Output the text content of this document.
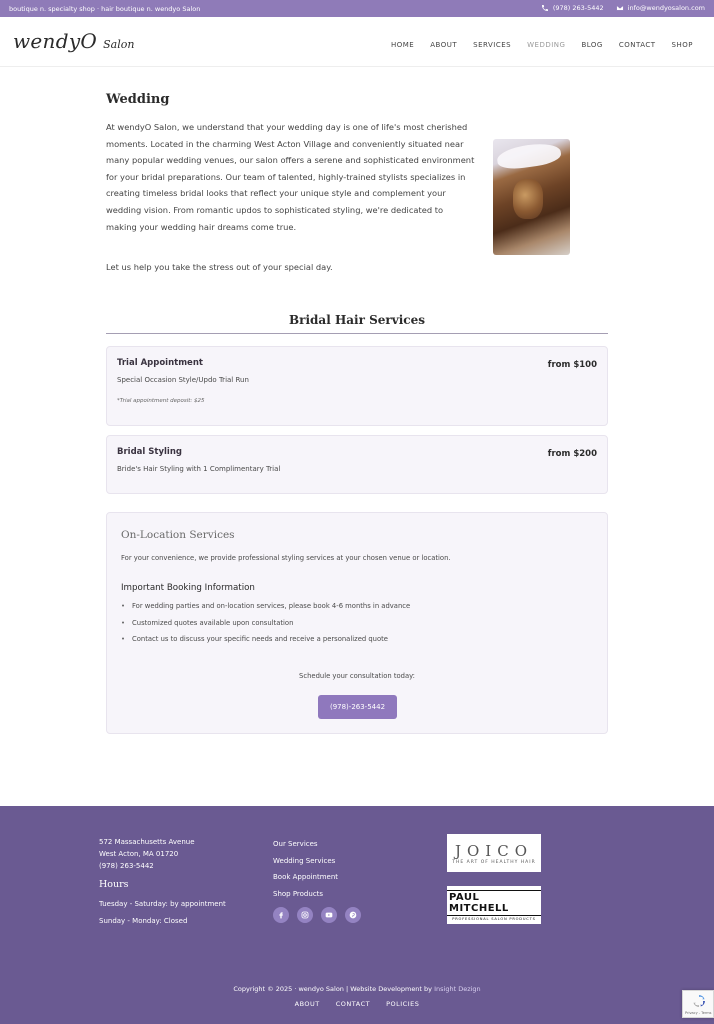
boutique n. specialty shop · hair boutique n. wendyo Salon	(978) 263-5442	info@wendyosalon.com
wendyO Salon	HOME ABOUT SERVICES WEDDING BLOG CONTACT SHOP
Wedding

At wendyO Salon, we understand that your wedding day is one of life's most cherished moments. Located in the charming West Acton Village and conveniently situated near many popular wedding venues, our salon offers a serene and sophisticated environment for your bridal preparations. Our team of talented, highly-trained stylists specializes in creating timeless bridal looks that reflect your unique style and complement your wedding vision. From romantic updos to sophisticated styling, we're dedicated to making your wedding hair dreams come true.

Let us help you take the stress out of your special day.

Bridal Hair Services
Trial Appointment
Special Occasion Style/Updo Trial Run
*Trial appointment deposit: $25
from $100
Bridal Styling
Bride's Hair Styling with 1 Complimentary Trial
from $200
On-Location Services
For your convenience, we provide professional styling services at your chosen venue or location.
Important Booking Information
• For wedding parties and on-location services, please book 4-6 months in advance
• Customized quotes available upon consultation
• Contact us to discuss your specific needs and receive a personalized quote
Schedule your consultation today:
(978)-263-5442
572 Massachusetts Avenue
West Acton, MA 01720
(978) 263-5442
Hours
Tuesday - Saturday: by appointment
Sunday - Monday: Closed
Our Services
Wedding Services
Book Appointment
Shop Products
JOICO
THE ART OF HEALTHY HAIR
PAUL MITCHELL
PROFESSIONAL SALON PRODUCTS
Copyright © 2025 · wendyo Salon | Website Development by Insight Dezign
ABOUT CONTACT POLICIES
Privacy - Terms
